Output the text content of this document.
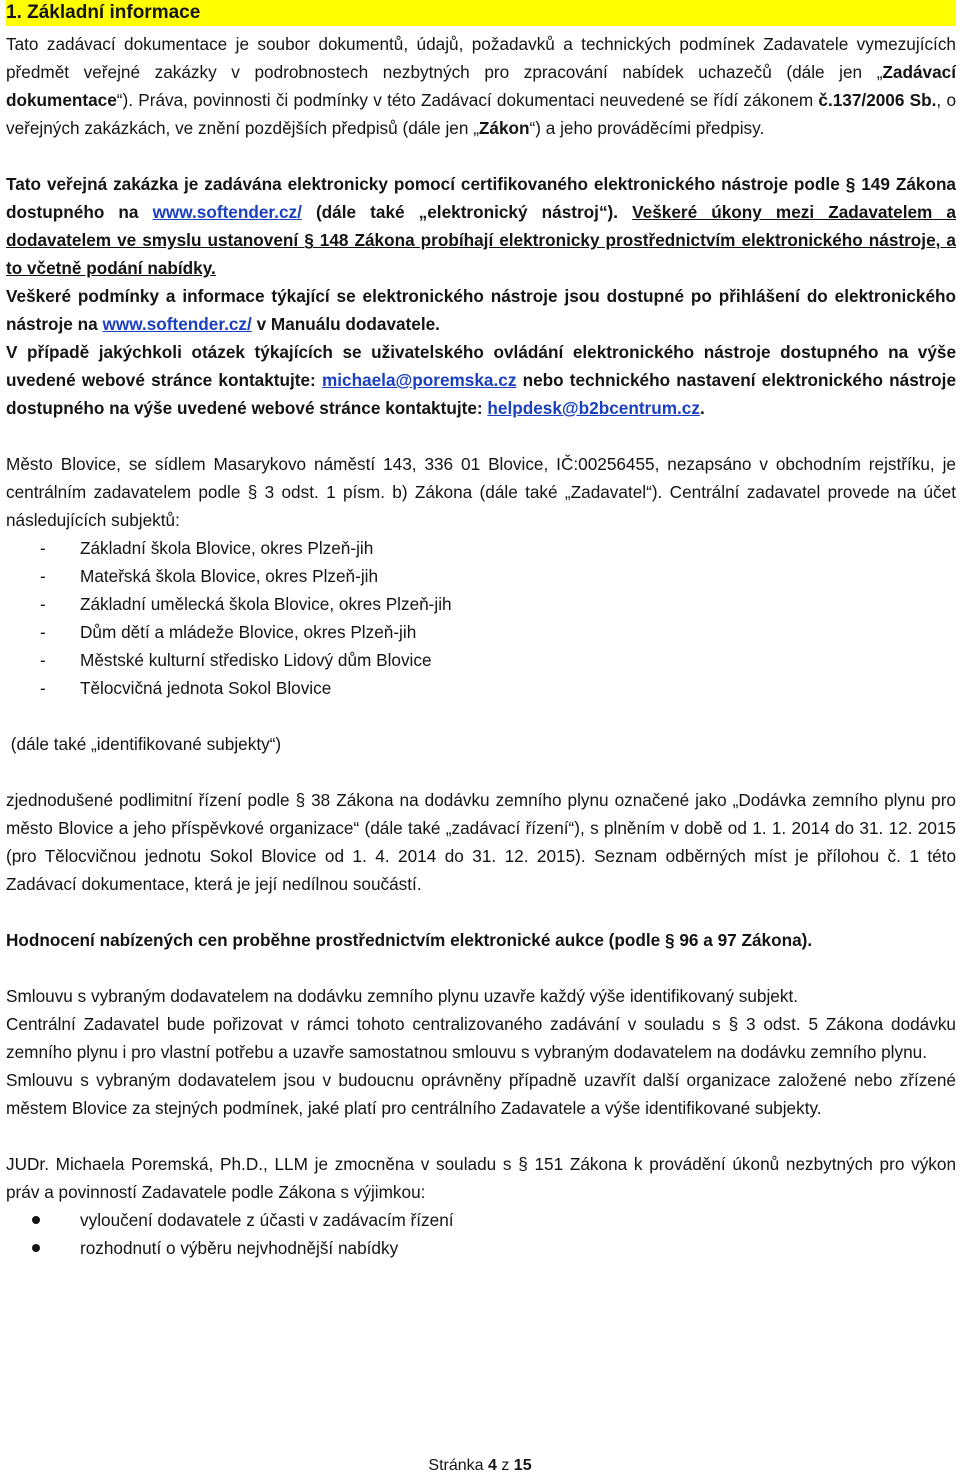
1. Základní informace

Tato zadávací dokumentace je soubor dokumentů, údajů, požadavků a technických podmínek Zadavatele vymezujících předmět veřejné zakázky v podrobnostech nezbytných pro zpracování nabídek uchazečů (dále jen „Zadávací dokumentace“). Práva, povinnosti či podmínky v této Zadávací dokumentaci neuvedené se řídí zákonem č.137/2006 Sb., o veřejných zakázkách, ve znění pozdějších předpisů (dále jen „Zákon“) a jeho prováděcími předpisy.

Tato veřejná zakázka je zadávána elektronicky pomocí certifikovaného elektronického nástroje podle § 149 Zákona dostupného na www.softender.cz/ (dále také „elektronický nástroj“). Veškeré úkony mezi Zadavatelem a dodavatelem ve smyslu ustanovení § 148 Zákona probíhají elektronicky prostřednictvím elektronického nástroje, a to včetně podání nabídky.
Veškeré podmínky a informace týkající se elektronického nástroje jsou dostupné po přihlášení do elektronického nástroje na www.softender.cz/ v Manuálu dodavatele.
V případě jakýchkoli otázek týkajících se uživatelského ovládání elektronického nástroje dostupného na výše uvedené webové stránce kontaktujte: michaela@poremska.cz nebo technického nastavení elektronického nástroje dostupného na výše uvedené webové stránce kontaktujte: helpdesk@b2bcentrum.cz.

Město Blovice, se sídlem Masarykovo náměstí 143, 336 01 Blovice, IČ:00256455, nezapsáno v obchodním rejstříku, je centrálním zadavatelem podle § 3 odst. 1 písm. b) Zákona (dále také „Zadavatel“). Centrální zadavatel provede na účet následujících subjektů:

- Základní škola Blovice, okres Plzeň-jih
- Mateřská škola Blovice, okres Plzeň-jih
- Základní umělecká škola Blovice, okres Plzeň-jih
- Dům dětí a mládeže Blovice, okres Plzeň-jih
- Městské kulturní středisko Lidový dům Blovice
- Tělocvičná jednota Sokol Blovice

(dále také „identifikované subjekty“)

zjednodušené podlimitní řízení podle § 38 Zákona na dodávku zemního plynu označené jako „Dodávka zemního plynu pro město Blovice a jeho příspěvkové organizace“ (dále také „zadávací řízení“), s plněním v době od 1. 1. 2014 do 31. 12. 2015 (pro Tělocvičnou jednotu Sokol Blovice od 1. 4. 2014 do 31. 12. 2015). Seznam odběrných míst je přílohou č. 1 této Zadávací dokumentace, která je její nedílnou součástí.

Hodnocení nabízených cen proběhne prostřednictvím elektronické aukce (podle § 96 a 97 Zákona).

Smlouvu s vybraným dodavatelem na dodávku zemního plynu uzavře každý výše identifikovaný subjekt.

Centrální Zadavatel bude pořizovat v rámci tohoto centralizovaného zadávání v souladu s § 3 odst. 5 Zákona dodávku zemního plynu i pro vlastní potřebu a uzavře samostatnou smlouvu s vybraným dodavatelem na dodávku zemního plynu.

Smlouvu s vybraným dodavatelem jsou v budoucnu oprávněny případně uzavřít další organizace založené nebo zřízené městem Blovice za stejných podmínek, jaké platí pro centrálního Zadavatele a výše identifikované subjekty.

JUDr. Michaela Poremská, Ph.D., LLM je zmocněna v souladu s § 151 Zákona k provádění úkonů nezbytných pro výkon práv a povinností Zadavatele podle Zákona s výjimkou:

vyloučení dodavatele z účasti v zadávacím řízení
rozhodnutí o výběru nejvhodnější nabídky
Stránka 4 z 15
